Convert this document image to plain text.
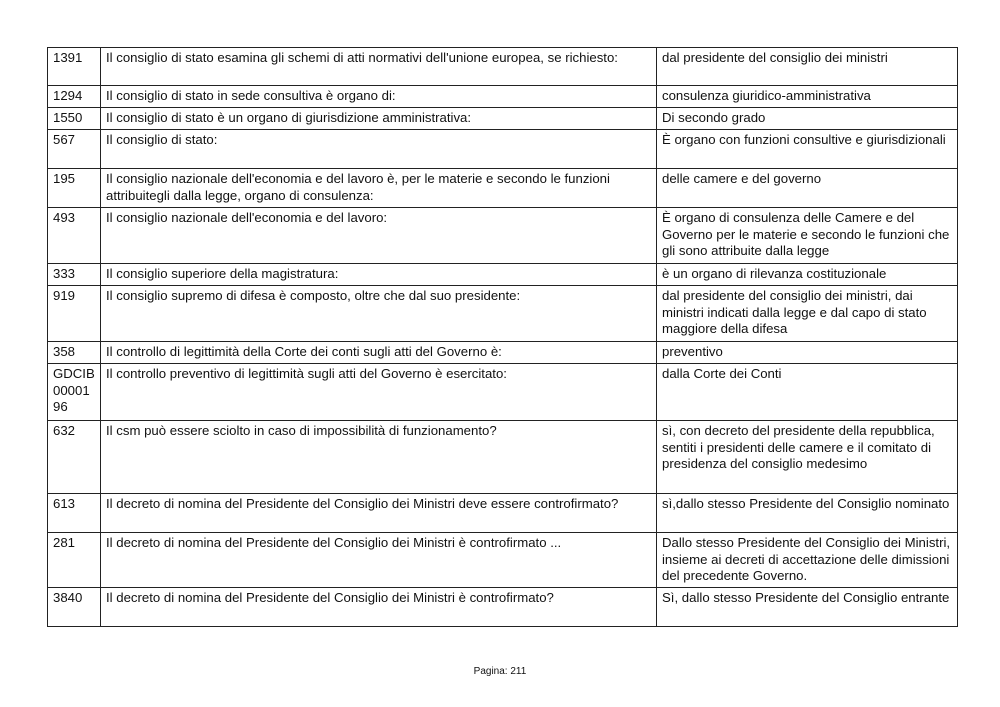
1391	Il consiglio di stato esamina gli schemi di atti normativi dell'unione europea, se richiesto:	dal presidente del consiglio dei ministri
1294	Il consiglio di stato in sede consultiva è organo di:	consulenza giuridico-amministrativa
1550	Il consiglio di stato è un organo di giurisdizione amministrativa:	Di secondo grado
567	Il consiglio di stato:	È organo con funzioni consultive e giurisdizionali
195	Il consiglio nazionale dell'economia e del lavoro è, per le materie e secondo le funzioni attribuitegli dalla legge, organo di consulenza:	delle camere e del governo
493	Il consiglio nazionale dell'economia e del lavoro:	È organo di consulenza delle Camere e del Governo per le materie e secondo le funzioni che gli sono attribuite dalla legge
333	Il consiglio superiore della magistratura:	è un organo di rilevanza costituzionale
919	Il consiglio supremo di difesa è composto, oltre che dal suo presidente:	dal presidente del consiglio dei ministri, dai ministri indicati dalla legge e dal capo di stato maggiore della difesa
358	Il controllo di legittimità della Corte dei conti sugli atti del Governo è:	preventivo
GDCIB0000196	Il controllo preventivo di legittimità sugli atti del Governo è esercitato:	dalla Corte dei Conti
632	Il csm può essere sciolto in caso di impossibilità di funzionamento?	sì, con decreto del presidente della repubblica, sentiti i presidenti delle camere e il comitato di presidenza del consiglio medesimo
613	Il decreto di nomina del Presidente del Consiglio dei Ministri deve essere controfirmato?	sì,dallo stesso Presidente del Consiglio nominato
281	Il decreto di nomina del Presidente del Consiglio dei Ministri è controfirmato ...	Dallo stesso Presidente del Consiglio dei Ministri, insieme ai decreti di accettazione delle dimissioni del precedente Governo.
3840	Il decreto di nomina del Presidente del Consiglio dei Ministri è controfirmato?	Sì, dallo stesso Presidente del Consiglio entrante
Pagina: 211
